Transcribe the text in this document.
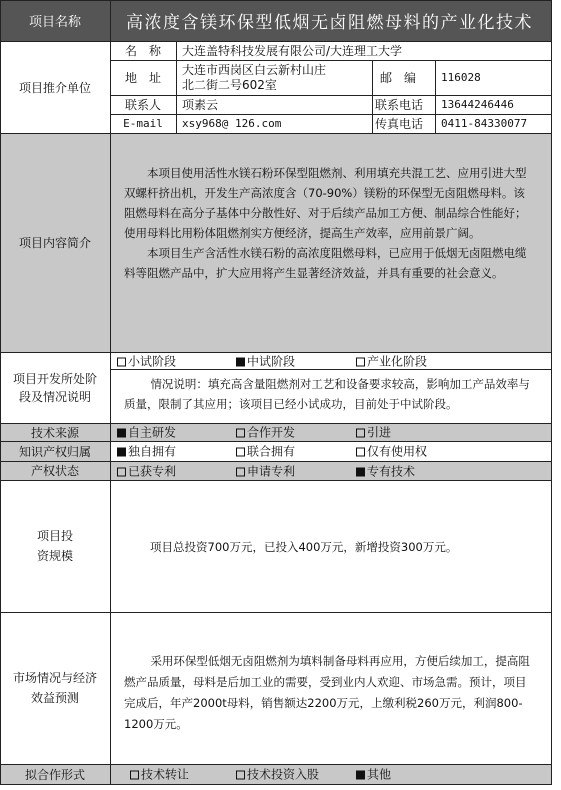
项目名称	高浓度含镁环保型低烟无卤阻燃母料的产业化技术
项目推介单位
名　称	大连盖特科技发展有限公司/大连理工大学
地　址
大连市西岗区白云新村山庄
北二街二号602室	邮　编	116028
联系人	项素云	联系电话	13644246446
E-mail	xsy968@ 126.com	传真电话	0411-84330077
项目内容简介

本项目使用活性水镁石粉环保型阻燃剂、利用填充共混工艺、应用引进大型双螺杆挤出机，开发生产高浓度含（70-90%）镁粉的环保型无卤阻燃母料。该阻燃母料在高分子基体中分散性好、对于后续产品加工方便、制品综合性能好；使用母料比用粉体阻燃剂实方便经济，提高生产效率，应用前景广阔。

本项目生产含活性水镁石粉的高浓度阻燃母料，已应用于低烟无卤阻燃电缆料等阻燃产品中，扩大应用将产生显著经济效益，并具有重要的社会意义。

项目开发所处阶
段及情况说明
小试阶段	中试阶段	产业化阶段
情况说明：填充高含量阻燃剂对工艺和设备要求较高，影响加工产品效率与质量，限制了其应用；该项目已经小试成功，目前处于中试阶段。
技术来源	自主研发	合作开发	引进
知识产权归属	独自拥有	联合拥有	仅有使用权
产权状态	已获专利	申请专利	专有技术
项目投
资规模
项目总投资700万元，已投入400万元，新增投资300万元。
市场情况与经济
效益预测
采用环保型低烟无卤阻燃剂为填料制备母料再应用，方便后续加工，提高阻燃产品质量，母料是后加工业的需要，受到业内人欢迎、市场急需。预计，项目完成后，年产2000t母料，销售额达2200万元，上缴利税260万元，利润800-1200万元。
拟合作形式	技术转让	技术投资入股	其他
